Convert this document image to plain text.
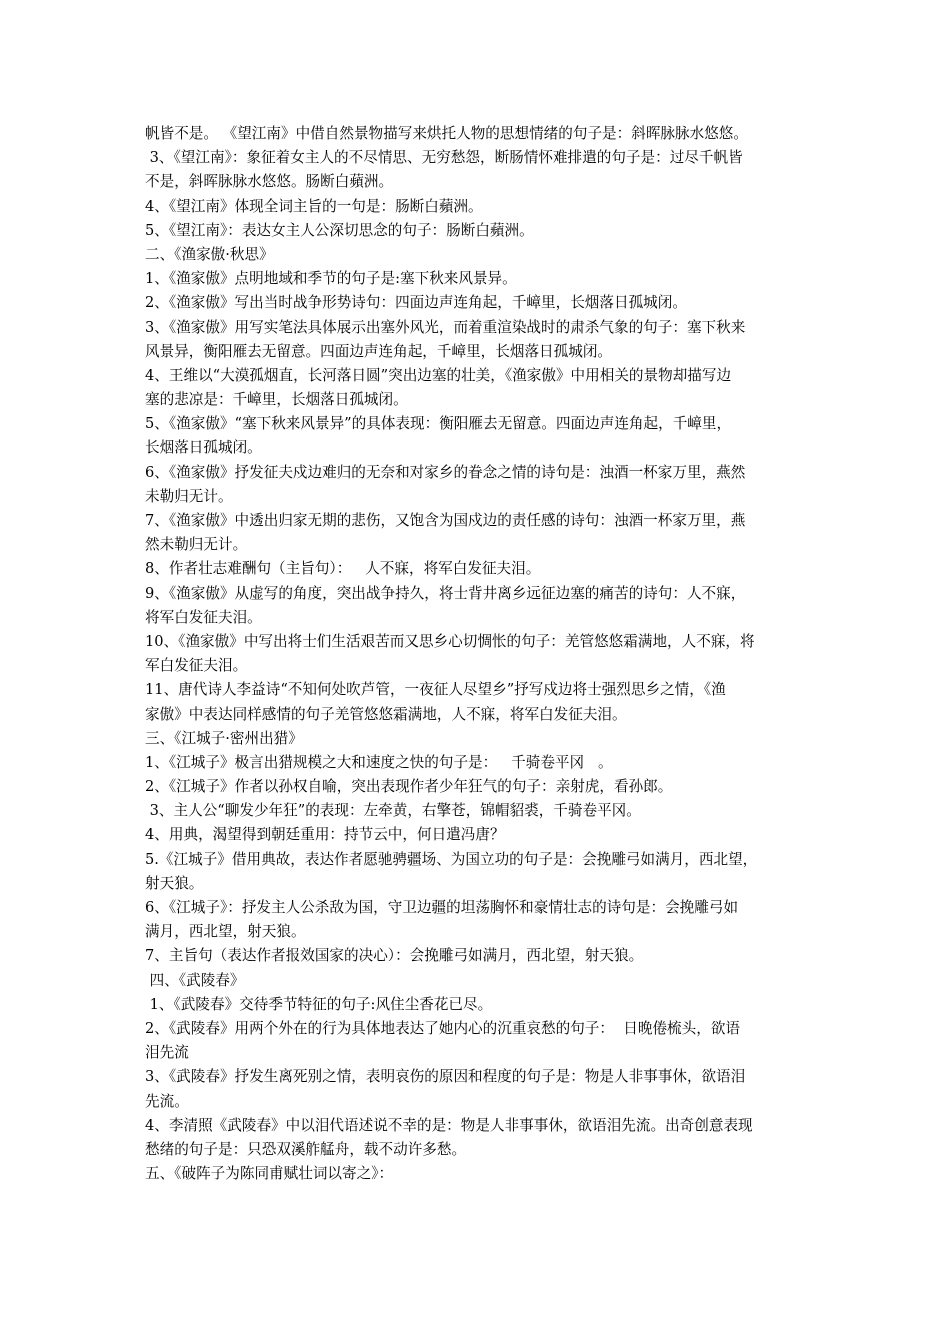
帆皆不是。 《望江南》中借自然景物描写来烘托人物的思想情绪的句子是：斜晖脉脉水悠悠。
3、《望江南》：象征着女主人的不尽情思、无穷愁怨，断肠情怀难排遣的句子是：过尽千帆皆
不是，斜晖脉脉水悠悠。肠断白蘋洲。
4、《望江南》体现全词主旨的一句是：肠断白蘋洲。
5、《望江南》：表达女主人公深切思念的句子：肠断白蘋洲。
二、《渔家傲·秋思》
1、《渔家傲》点明地域和季节的句子是:塞下秋来风景异。
2、《渔家傲》写出当时战争形势诗句：四面边声连角起，千嶂里，长烟落日孤城闭。
3、《渔家傲》用写实笔法具体展示出塞外风光，而着重渲染战时的肃杀气象的句子：塞下秋来
风景异，衡阳雁去无留意。四面边声连角起，千嶂里，长烟落日孤城闭。
4、王维以“大漠孤烟直，长河落日圆”突出边塞的壮美，《渔家傲》中用相关的景物却描写边
塞的悲凉是：千嶂里，长烟落日孤城闭。
5、《渔家傲》“塞下秋来风景异”的具体表现：衡阳雁去无留意。四面边声连角起，千嶂里，
长烟落日孤城闭。
6、《渔家傲》抒发征夫戍边难归的无奈和对家乡的眷念之情的诗句是：浊酒一杯家万里，燕然
未勒归无计。
7、《渔家傲》中透出归家无期的悲伤，又饱含为国戍边的责任感的诗句：浊酒一杯家万里，燕
然未勒归无计。
8、作者壮志难酬句（主旨句）：   人不寐，将军白发征夫泪。
9、《渔家傲》从虚写的角度，突出战争持久，将士背井离乡远征边塞的痛苦的诗句：人不寐，
将军白发征夫泪。
10、《渔家傲》中写出将士们生活艰苦而又思乡心切惆怅的句子：羌管悠悠霜满地，人不寐，将
军白发征夫泪。
11、唐代诗人李益诗“不知何处吹芦管，一夜征人尽望乡”抒写戍边将士强烈思乡之情，《渔
家傲》中表达同样感情的句子羌管悠悠霜满地，人不寐，将军白发征夫泪。
三、《江城子·密州出猎》
1、《江城子》极言出猎规模之大和速度之快的句子是：   千骑卷平冈   。
2、《江城子》作者以孙权自喻，突出表现作者少年狂气的句子：亲射虎，看孙郎。
3、主人公“聊发少年狂”的表现：左牵黄，右擎苍，锦帽貂裘，千骑卷平冈。
4、用典，渴望得到朝廷重用：持节云中，何日遣冯唐？
5.《江城子》借用典故，表达作者愿驰骋疆场、为国立功的句子是：会挽雕弓如满月，西北望，
射天狼。
6、《江城子》：抒发主人公杀敌为国，守卫边疆的坦荡胸怀和豪情壮志的诗句是：会挽雕弓如
满月，西北望，射天狼。
7、主旨句（表达作者报效国家的决心）：会挽雕弓如满月，西北望，射天狼。
四、《武陵春》
1、《武陵春》交待季节特征的句子:风住尘香花已尽。
2、《武陵春》用两个外在的行为具体地表达了她内心的沉重哀愁的句子：  日晚倦梳头，欲语
泪先流
3、《武陵春》抒发生离死别之情，表明哀伤的原因和程度的句子是：物是人非事事休，欲语泪
先流。
4、李清照《武陵春》中以泪代语述说不幸的是：物是人非事事休，欲语泪先流。出奇创意表现
愁绪的句子是：只恐双溪舴艋舟，载不动许多愁。
五、《破阵子为陈同甫赋壮词以寄之》：
